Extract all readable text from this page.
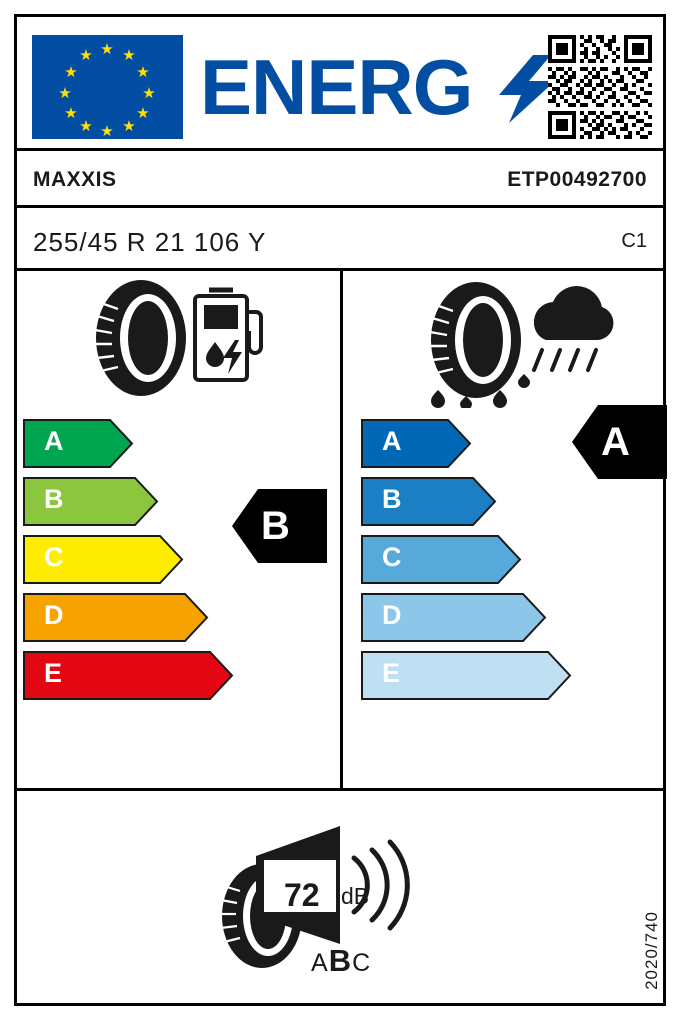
★ ★
★
★
★
★
★
★
★
★
★
★ ENERG
MAXXIS	ETP00492700
255/45 R 21 106 Y	C1
A
B
C
D
E
B
A
B
C
D
E
A
72 dB
ABC	2020/740
